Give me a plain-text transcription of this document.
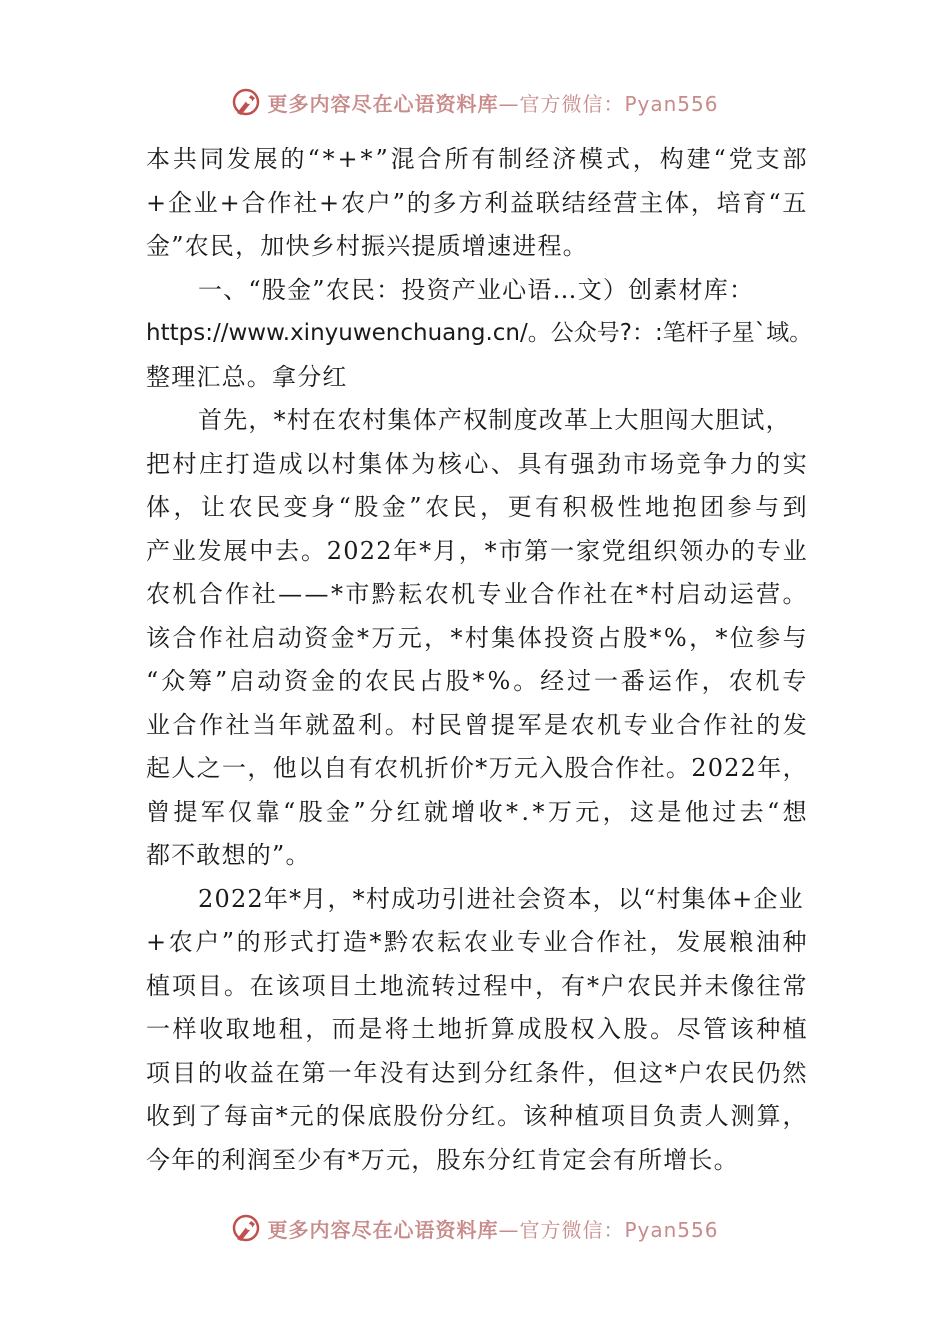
更多内容尽在心语资料库—官方微信：Pyan556
本 共 同 发 展 的 “ * + * ” 混 合 所 有 制 经 济 模 式 ， 构 建 “ 党 支 部
+ 企 业 + 合 作 社 + 农 户 ” 的 多 方 利 益 联 结 经 营 主 体 ， 培 育 “ 五
金”农民，加快乡村振兴提质增速进程。
一、“股金”农民：投资产业心语…文）创素材库：
https://www.xinyuwenchuang.cn/。公众号?：:笔杆子星`域。
整理汇总。拿分红
首先，*村在农村集体产权制度改革上大胆闯大胆试，
把 村 庄 打 造 成 以 村 集 体 为 核 心 、 具 有 强 劲 市 场 竞 争 力 的 实
体 ， 让 农 民 变 身 “ 股 金 ” 农 民 ， 更 有 积 极 性 地 抱 团 参 与 到
产 业 发 展 中 去 。 2022 年 * 月 ， * 市 第 一 家 党 组 织 领 办 的 专 业
农 机 合 作 社 — — * 市 黔 耘 农 机 专 业 合 作 社 在 * 村 启 动 运 营 。
该 合 作 社 启 动 资 金 * 万 元 ， * 村 集 体 投 资 占 股 * % ， * 位 参 与
“ 众 筹 ” 启 动 资 金 的 农 民 占 股 * % 。 经 过 一 番 运 作 ， 农 机 专
业 合 作 社 当 年 就 盈 利 。 村 民 曾 提 军 是 农 机 专 业 合 作 社 的 发
起 人 之 一 ， 他 以 自 有 农 机 折 价 * 万 元 入 股 合 作 社 。 2022 年 ，
曾 提 军 仅 靠 “ 股 金 ” 分 红 就 增 收 * . * 万 元 ， 这 是 他 过 去 “ 想
都不敢想的”。
2022年*月，*村成功引进社会资本，以“村集体+企业
+ 农 户 ” 的 形 式 打 造 * 黔 农 耘 农 业 专 业 合 作 社 ， 发 展 粮 油 种
植 项 目 。 在 该 项 目 土 地 流 转 过 程 中 ， 有 * 户 农 民 并 未 像 往 常
一 样 收 取 地 租 ， 而 是 将 土 地 折 算 成 股 权 入 股 。 尽 管 该 种 植
项 目 的 收 益 在 第 一 年 没 有 达 到 分 红 条 件 ， 但 这 * 户 农 民 仍 然
收 到 了 每 亩 * 元 的 保 底 股 份 分 红 。 该 种 植 项 目 负 责 人 测 算 ，
今年的利润至少有*万元，股东分红肯定会有所增长。
更多内容尽在心语资料库—官方微信：Pyan556
